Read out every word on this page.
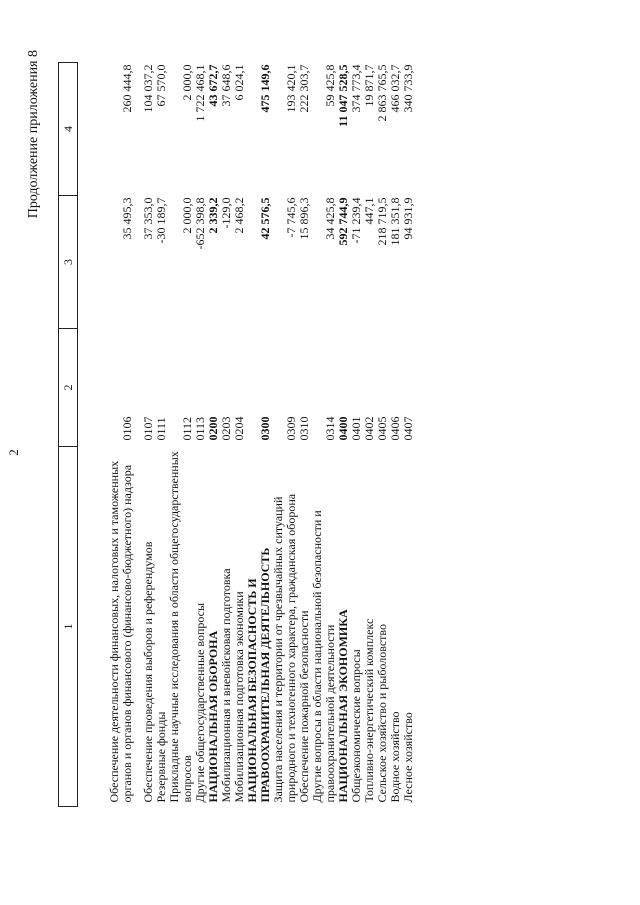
2
Продолжение приложения 8
1	2	3	4
Обеспечение деятельности финансовых, налоговых и таможенных органов и органов финансового (финансово-бюджетного) надзора	0106	35 495,3	260 444,8
Обеспечение проведения выборов и референдумов	0107	37 353,0	104 037,2
Резервные фонды	0111	-30 189,7	67 570,0
Прикладные научные исследования в области общегосударственных вопросов	0112	2 000,0	2 000,0
Другие общегосударственные вопросы	0113	-652 398,8	1 722 468,1
НАЦИОНАЛЬНАЯ ОБОРОНА	0200	2 339,2	43 672,7
Мобилизационная и вневойсковая подготовка	0203	-129,0	37 648,6
Мобилизационная подготовка экономики	0204	2 468,2	6 024,1
НАЦИОНАЛЬНАЯ БЕЗОПАСНОСТЬ И ПРАВООХРАНИТЕЛЬНАЯ ДЕЯТЕЛЬНОСТЬ	0300	42 576,5	475 149,6
Защита населения и территории от чрезвычайных ситуаций природного и техногенного характера, гражданская оборона	0309	-7 745,6	193 420,1
Обеспечение пожарной безопасности	0310	15 896,3	222 303,7
Другие вопросы в области национальной безопасности и правоохранительной деятельности	0314	34 425,8	59 425,8
НАЦИОНАЛЬНАЯ ЭКОНОМИКА	0400	592 744,9	11 047 528,5
Общеэкономические вопросы	0401	-71 239,4	374 773,4
Топливно-энергетический комплекс	0402	447,1	19 871,7
Сельское хозяйство и рыболовство	0405	218 719,5	2 863 765,5
Водное хозяйство	0406	181 351,8	466 032,7
Лесное хозяйство	0407	94 931,9	340 733,9
